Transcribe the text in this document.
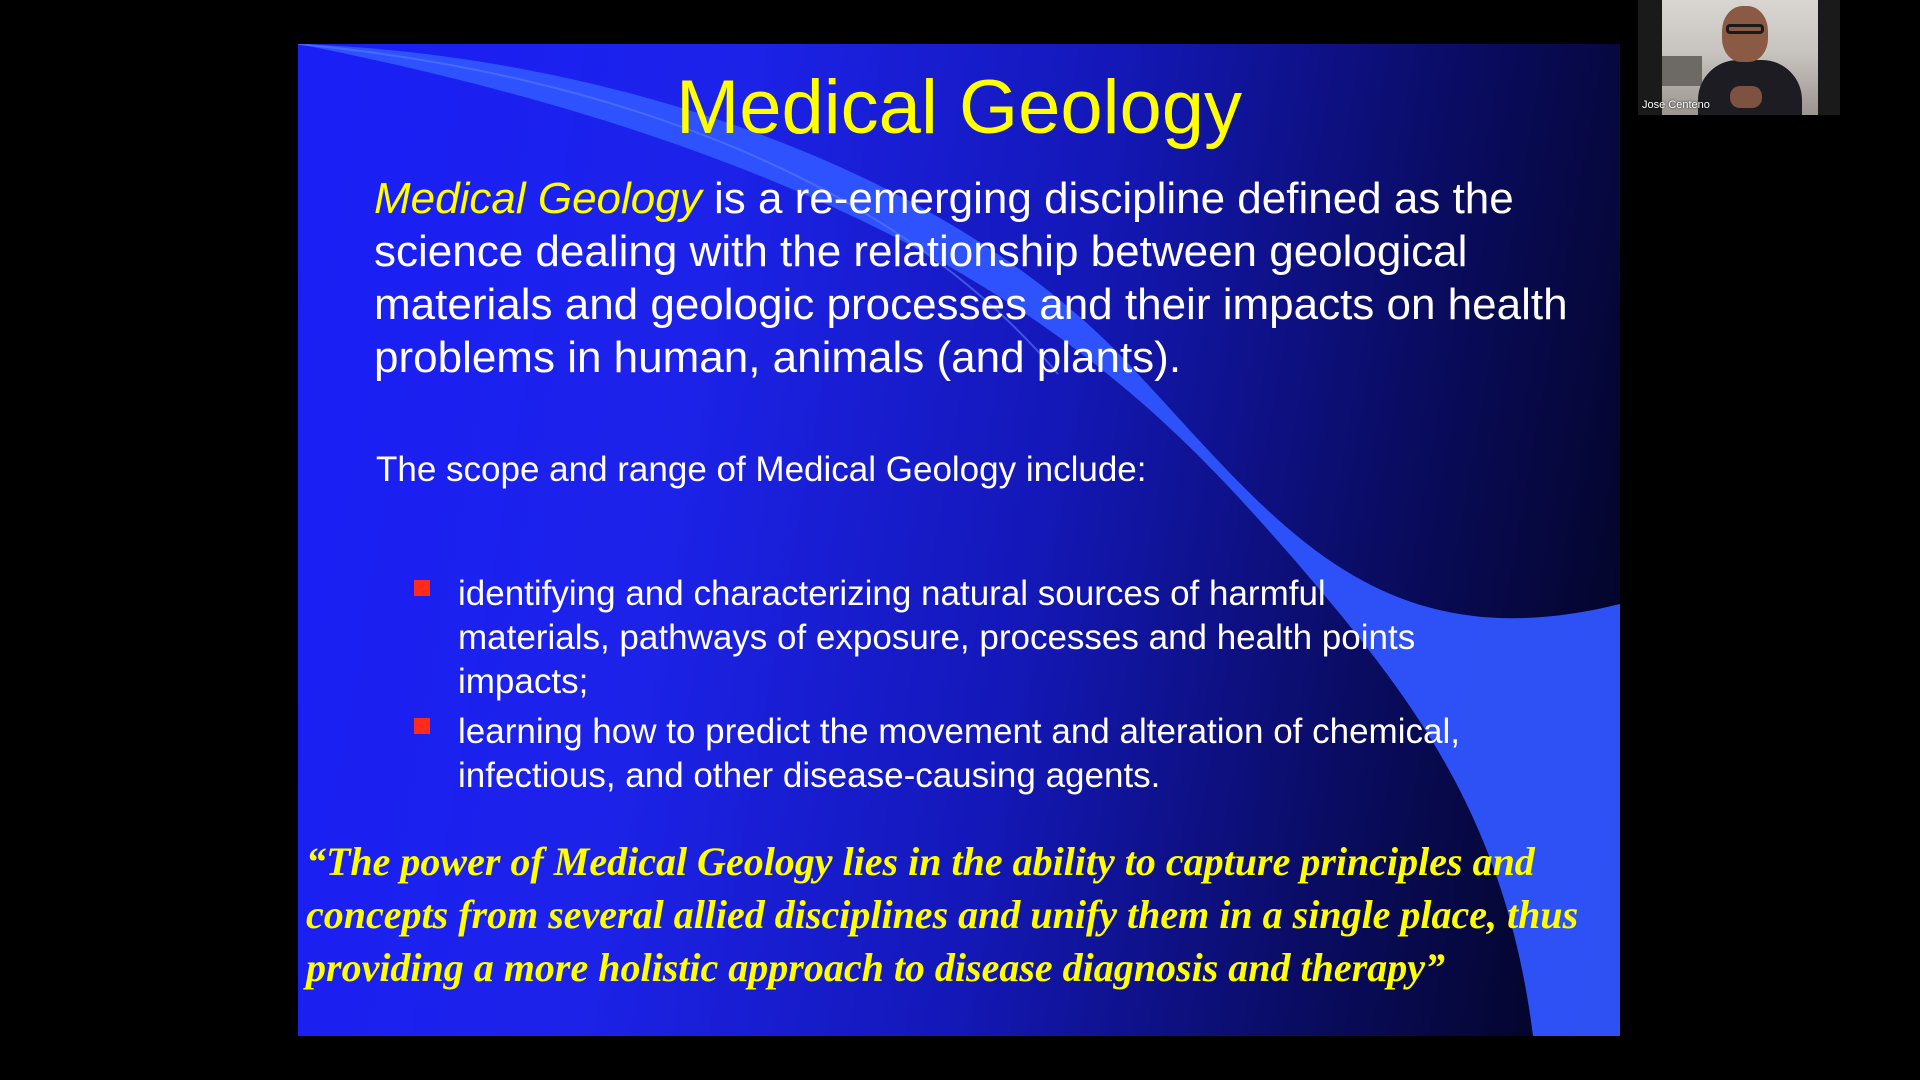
Medical Geology

Medical Geology is a re-emerging discipline defined as the science dealing with the relationship between geological materials and geologic processes and their impacts on health problems in human, animals (and plants).

The scope and range of Medical Geology include:

identifying and characterizing natural sources of harmful materials, pathways of exposure, processes and health points impacts;
learning how to predict the movement and alteration of chemical, infectious, and other disease-causing agents.

“The power of Medical Geology lies in the ability to capture principles and concepts from several allied disciplines and unify them in a single place, thus providing a more holistic approach to disease diagnosis and therapy”

Jose Centeno
